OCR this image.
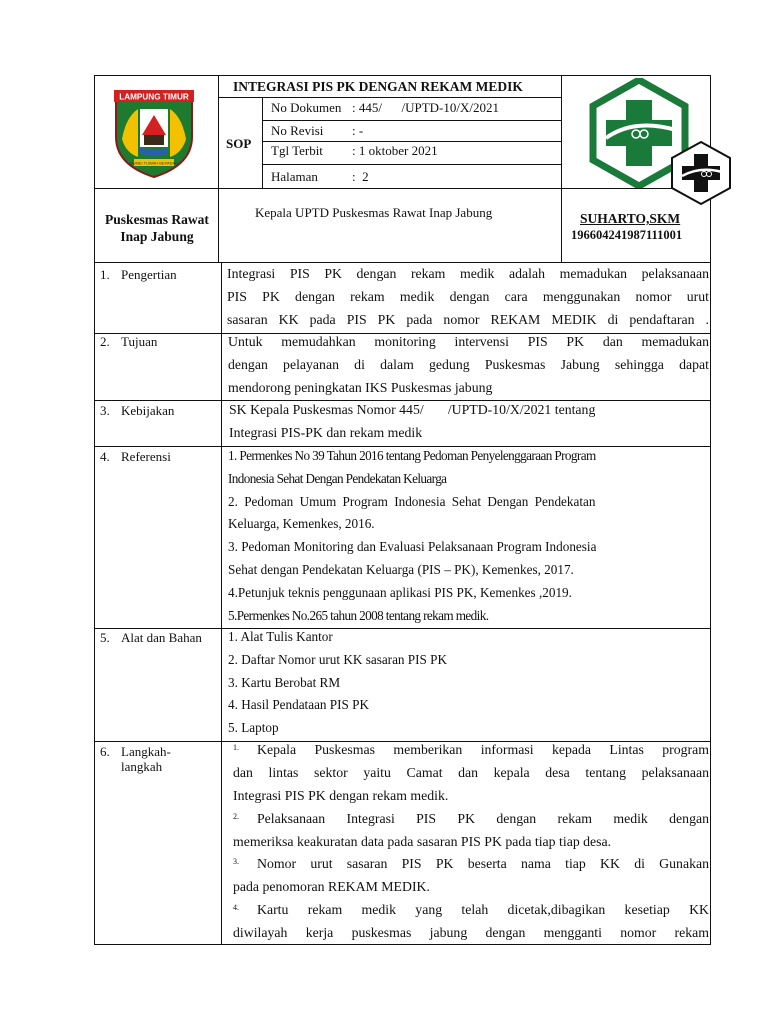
LAMPUNG TIMUR
BUMEI TUWAH BEPADAN
INTEGRASI PIS PK DENGAN REKAM MEDIK
SOP
No Dokumen : 445/      /UPTD-10/X/2021
No Revisi : -
Tgl Terbit : 1 oktober 2021
Halaman	:  2
Puskesmas Rawat
Inap Jabung
Kepala UPTD Puskesmas Rawat Inap Jabung	SUHARTO,SKM
196604241987111001
1. Pengertian
2. Tujuan
3. Kebijakan
4. Referensi
5. Alat dan Bahan
6. Langkah-
langkah
Integrasi PIS PK dengan rekam medik adalah memadukan pelaksanaan
PIS PK dengan rekam medik dengan cara menggunakan nomor urut
sasaran KK pada PIS PK pada nomor REKAM MEDIK di pendaftaran .
Untuk memudahkan monitoring intervensi PIS PK dan memadukan
dengan pelayanan di dalam gedung Puskesmas Jabung sehingga dapat
mendorong peningkatan IKS Puskesmas jabung
SK Kepala Puskesmas Nomor 445/       /UPTD-10/X/2021 tentang
Integrasi PIS-PK dan rekam medik
1. Permenkes No 39 Tahun 2016 tentang Pedoman Penyelenggaraan Program
Indonesia Sehat Dengan Pendekatan Keluarga
2. Pedoman Umum Program Indonesia Sehat Dengan Pendekatan
Keluarga, Kemenkes, 2016.
3. Pedoman Monitoring dan Evaluasi Pelaksanaan Program Indonesia
Sehat dengan Pendekatan Keluarga (PIS – PK), Kemenkes, 2017.
4.Petunjuk teknis penggunaan aplikasi PIS PK, Kemenkes ,2019.
5.Permenkes No.265 tahun 2008 tentang rekam medik.
1. Alat Tulis Kantor
2. Daftar Nomor urut KK sasaran PIS PK
3. Kartu Berobat RM
4. Hasil Pendataan PIS PK
5. Laptop
$^{1.}$ Kepala Puskesmas memberikan informasi kepada Lintas program
dan lintas sektor yaitu Camat dan kepala desa tentang pelaksanaan
Integrasi PIS PK dengan rekam medik.
$^{2.}$ Pelaksanaan Integrasi PIS PK dengan rekam medik dengan
memeriksa keakuratan data pada sasaran PIS PK pada tiap tiap desa.
$^{3.}$ Nomor urut sasaran PIS PK beserta nama tiap KK di Gunakan
pada penomoran REKAM MEDIK.
$^{4.}$ Kartu rekam medik yang telah dicetak,dibagikan kesetiap KK
diwilayah kerja puskesmas jabung dengan mengganti nomor rekam
